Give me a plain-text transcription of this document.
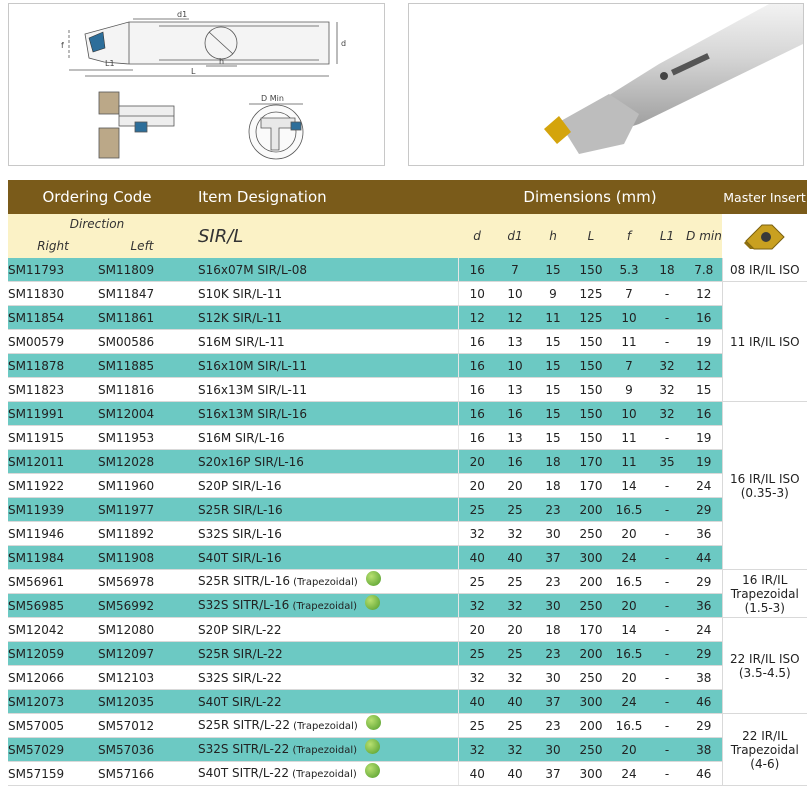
d1
d
f
L1	h
L
D Min
Ordering Code		Item Designation	Dimensions (mm)							Master Insert
Direction		SIR/L	d	d1	h	L	f	L1	D min	
Right	Left									
SM11793	SM11809	S16x07M SIR/L-08	16	7	15	150	5.3	18	7.8	08 IR/IL ISO
SM11830	SM11847	S10K SIR/L-11	10	10	9	125	7	-	12	11 IR/IL ISO
SM11854	SM11861	S12K SIR/L-11	12	12	11	125	10	-	16	
SM00579	SM00586	S16M SIR/L-11	16	13	15	150	11	-	19	
SM11878	SM11885	S16x10M SIR/L-11	16	10	15	150	7	32	12	
SM11823	SM11816	S16x13M SIR/L-11	16	13	15	150	9	32	15	
SM11991	SM12004	S16x13M SIR/L-16	16	16	15	150	10	32	16	16 IR/IL ISO (0.35-3)
SM11915	SM11953	S16M SIR/L-16	16	13	15	150	11	-	19	
SM12011	SM12028	S20x16P SIR/L-16	20	16	18	170	11	35	19	
SM11922	SM11960	S20P SIR/L-16	20	20	18	170	14	-	24	
SM11939	SM11977	S25R SIR/L-16	25	25	23	200	16.5	-	29	
SM11946	SM11892	S32S SIR/L-16	32	32	30	250	20	-	36	
SM11984	SM11908	S40T SIR/L-16	40	40	37	300	24	-	44	
SM56961	SM56978	S25R SITR/L-16 (Trapezoidal)	25	25	23	200	16.5	-	29	16 IR/IL Trapezoidal (1.5-3)
SM56985	SM56992	S32S SITR/L-16 (Trapezoidal)	32	32	30	250	20	-	36	
SM12042	SM12080	S20P SIR/L-22	20	20	18	170	14	-	24	22 IR/IL ISO (3.5-4.5)
SM12059	SM12097	S25R SIR/L-22	25	25	23	200	16.5	-	29	
SM12066	SM12103	S32S SIR/L-22	32	32	30	250	20	-	38	
SM12073	SM12035	S40T SIR/L-22	40	40	37	300	24	-	46	
SM57005	SM57012	S25R SITR/L-22 (Trapezoidal)	25	25	23	200	16.5	-	29	22 IR/IL Trapezoidal (4-6)
SM57029	SM57036	S32S SITR/L-22 (Trapezoidal)	32	32	30	250	20	-	38	
SM57159	SM57166	S40T SITR/L-22 (Trapezoidal)	40	40	37	300	24	-	46	
